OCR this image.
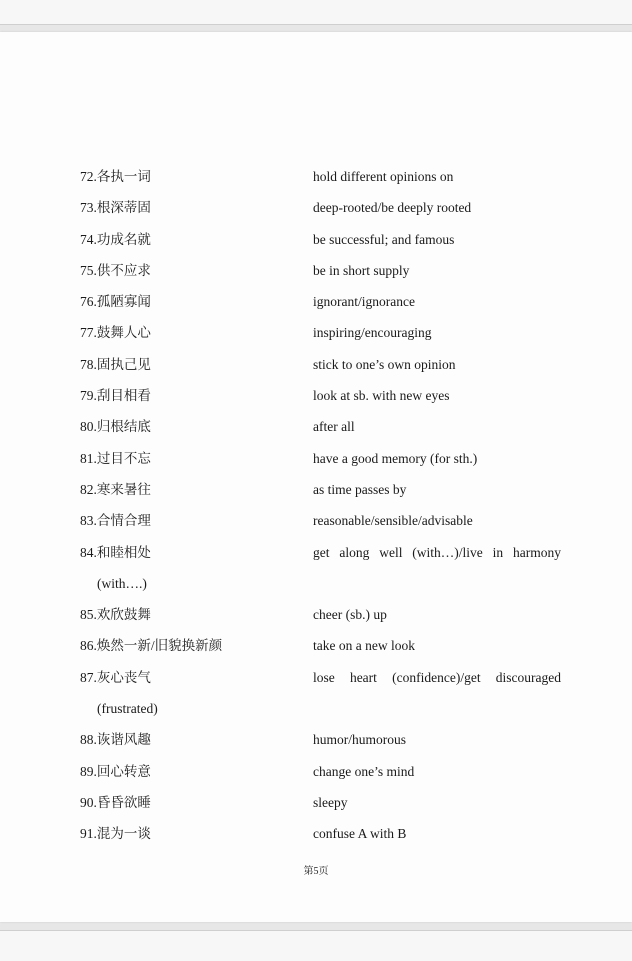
72.各执一词	hold different opinions on
73.根深蒂固	deep-rooted/be deeply rooted
74.功成名就	be successful; and famous
75.供不应求	be in short supply
76.孤陋寡闻	ignorant/ignorance
77.鼓舞人心	inspiring/encouraging
78.固执己见	stick to one’s own opinion
79.刮目相看	look at sb. with new eyes
80.归根结底	after all
81.过目不忘	have a good memory (for sth.)
82.寒来暑往	as time passes by
83.合情合理	reasonable/sensible/advisable
84.和睦相处	get along well (with…)/live in harmony
(with….)
85.欢欣鼓舞	cheer (sb.) up
86.焕然一新/旧貌换新颜	take on a new look
87.灰心丧气	lose heart (confidence)/get discouraged
(frustrated)
88.诙谐风趣	humor/humorous
89.回心转意	change one’s mind
90.昏昏欲睡	sleepy
91.混为一谈	confuse A with B
第5页
